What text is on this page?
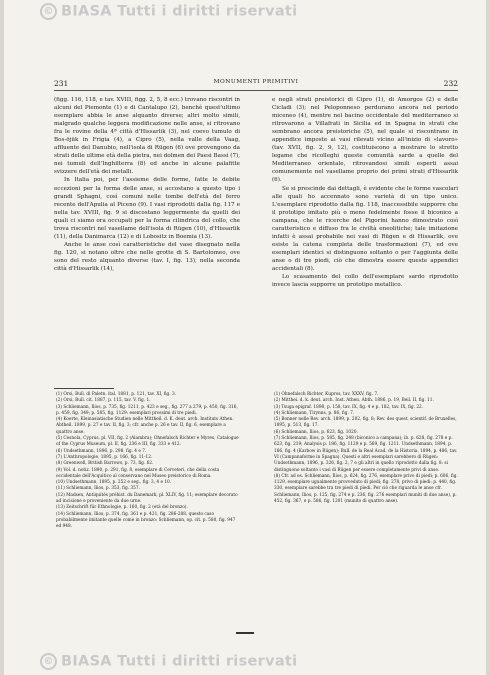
© BIASA Tutti i diritti riservati
231	MONUMENTI PRIMITIVI	232

(figg. 116, 118, e tav. XVIII, figg. 2, 5, 8 ecc.) trovano riscontri in alcuni del Piemonte (1) e di Cantalupo (2), benchè quest'ultimo esemplare abbia le anse alquanto diverse; altri molto simili, malgrado qualche leggera modificazione nelle anse, si ritrovano fra le rovine della 4ª città d'Hissarlik (3), nel coevo tumulo di Bos-öjük in Frigia (4), a Cipro (5), nella valle della Vaag, affluente del Danubio, nell'isola di Rügen (6) ove provengono da strati delle ultime età della pietra, nei dolmen dei Paesi Bassi (7), nei tumuli dell'Inghilterra (8) ed anche in alcune palafitte svizzere dell'età dei metalli.

In Italia poi, per l'assieme delle forme, fatte le debite eccezioni per la forma delle anse, si accostano a questo tipo i grandi Sphagni, così comuni nelle tombe dell'età del ferro recente dell'Apulia al Piceno (9). I vasi riprodotti dalla fig. 117 e nella tav. XVIII, fig. 9 si discostano leggermente da quelli dei quali ci siamo ora occupati per la forma cilindrica del collo, che trova riscontri nel vasellame dell'isola di Rügen (10), d'Hissarlik (11), della Danimarca (12) e di Lobositz in Boemia (13).

Anche le anse così caratteristiche del vase disegnato nella fig. 120, si notano oltre che nelle grotte di S. Bartolomeo, ove sono del resto alquanto diverse (tav. I, fig. 13), nella seconda città d'Hissarlik (14),

e negli strati preistorici di Cipro (1), di Amorgos (2) e delle Cicladi (3); nel Peloponneso perdurano ancora nel periodo miceneo (4), mentre nel bacino occidentale del mediterraneo si ritrovarono a Villafrati in Sicilia ed in Spagna in strati che sembrano ancora preistoriche (5), nel quale si riscontrano in appendice imposte ai vasi rilevati vicino all'inizio di «lavoro» (tav. XVII, fig. 2, 9, 12), costituiscono a mostrare lo stretto legame che ricolleghi queste comunità sarde a quelle del Mediterraneo orientale, ritrovandosi simili esperti assai comunemente nel vasellame proprio dei primi strati d'Hissarlik (6).

Se si prescinde dai dettagli, è evidente che le forme vascolari alle quali ho accennato sono varietà di un tipo unico. L'esemplare riprodotto dalla fig. 118, inaccessibile supporre che il prototipo imitato più o meno fedelmente fosse il biconico a campana, che le ricerche del Pigorini hanno dimostrato così caratteristico e diffuso fra le civiltà eneolitiche; tale imitazione infatti è assai probabile nei vasi di Rügen e di Hissarlik, ove esiste la catena completa delle trasformazioni (7), ed ove esemplari identici si distinguono soltanto o per l'aggiunta delle anse o di tre piedi, ciò che dimostra essere queste appendici accidentali (8).

Lo scasamento del collo dell'esemplare sardo riprodotto invece lascia supporre un prototipo metallico.

(1) Orsi, Bull. di Paletn. ital. 1881, p. 121, tav. XI, fig. 3.
(2) Orsi, Bull. cit. 1887, p. 115, tav. V, fig. 1.
(3) Schliemann, Ilios, p. 735, fig. 1211, p. 423 e seg., fig. 277 a 279, p. 450, fig. 316, p. 459, fig. 349; p. 585, fig. 1129: esemplari prossimi di tre piedi.
(4) Koerte, Kleinasiatische Studien nelle Mittheil. d. K. deut. arch. Instituts Athen. Abtheil. 1899, p. 27 e tav. II, fig. 3; cfr. anche p. 26 e tav. II, fig. 6, esemplare a quattro anse.
(5) Cesnola, Cyprus, pl. VII, fig. 2 (Alambra); Ohnefalsch Richter e Myres, Catalogue of the Cyprus Museum, pl. II, fig. 236 e III, fig. 333 e 412.
(6) Undsethmann, 1896, p. 298, fig. 4 e 7.
(7) L'Anthropologie, 1895, p. 166, fig. 11-12.
(8) Greenwell, British Barrows, p. 73, fig. 62.
(9) Vol. d. notiz. 1890, p. 291, fig. 8, esemplare di Cerveteri, che della costa occidentale dell'Acquitico al conservano nel Museo preistorico di Roma.
(10) Undsethmann, 1895, p. 252 e seg., fig. 3, 4 e 10.
(11) Schliemann, Ilios, p. 353, fig. 357.
(12) Madsen, Antiquités préhist. du Danemark, pl. XLIV, fig. 11; esemplare decorato ad incisione e proveniente da due urne.
(13) Zeitschrift für Ethnologie, p. 160, fig. 2 (età del bronzo).
(14) Schliemann, Ilios, p. 374, fig. 361 e p. 421, fig. 286-288, questo caso probabilmente imitante quelle come in bronzo: Schliemann, op. cit. p. 580, fig. 947 ed 948.
(1) Ohnefalsch Richter, Kupros, tav. XXXV, fig. 7.
(2) Mitthei. d. k. deut. arch. Inst. Athen. Abth. 1886, p. 19, Beil. II, fig. 11.
(3) Tsuga epigraf. 1898, p. 158, tav. IX, fig. 4 e p. 182, tav. IX, fig. 22.
(4) Schliemann, Tirynns, p. 86, fig. 7.
(5) Bonner nelle Rev. arch. 1899, p. 202, fig. 8; Rev. des quest. scientif. de Bruxelles, 1895, p. 513, fig. 17.
(6) Schliemann, Ilios, p. 623, fig. 1020.
(7) Schliemann, Ilios, p. 585, fig. 248 (biconico a campana); ib. p. 628, fig. 278 e p. 623, fig. 219; Analysis p. 186, fig. 1129 e p. 569, fig. 1211. Undsethmann, 1894, p. 166, fig. 4 (Karbow in Rügen); Bull. de la Real Acad. de la Historia. 1894, p. 486, tav. VI (Campanaforme in Spagna). Questi e altri esemplari sarebbero di Rügen: Undsethmann, 1896, p. 326, fig. 2, 7 e gli altri in quello riprodotto dalla fig. 8: si distinguono soltanto i vasi di Rügen per essere completamente privi di anse.
(8) Cfr. ad es. Schliemann, Ilios, p. 624, fig. 276, esemplare privo di piedi; p. 606, fig. 1129, esemplare ugualmente provveduto di piedi; fig. 278, privo di piedi: p. 440, fig. 330, esemplare sarebbe tra tre piedi di piedi. Per ciò che riguarda le anse cfr. Schliemann, Ilios, p. 125, fig. 274 e p. 236, fig. 276 esemplari muniti di due anse), p. 452, fig. 367, e p. 586, fig. 1201 (munito di quattro anse).
© BIASA Tutti i diritti riservati
